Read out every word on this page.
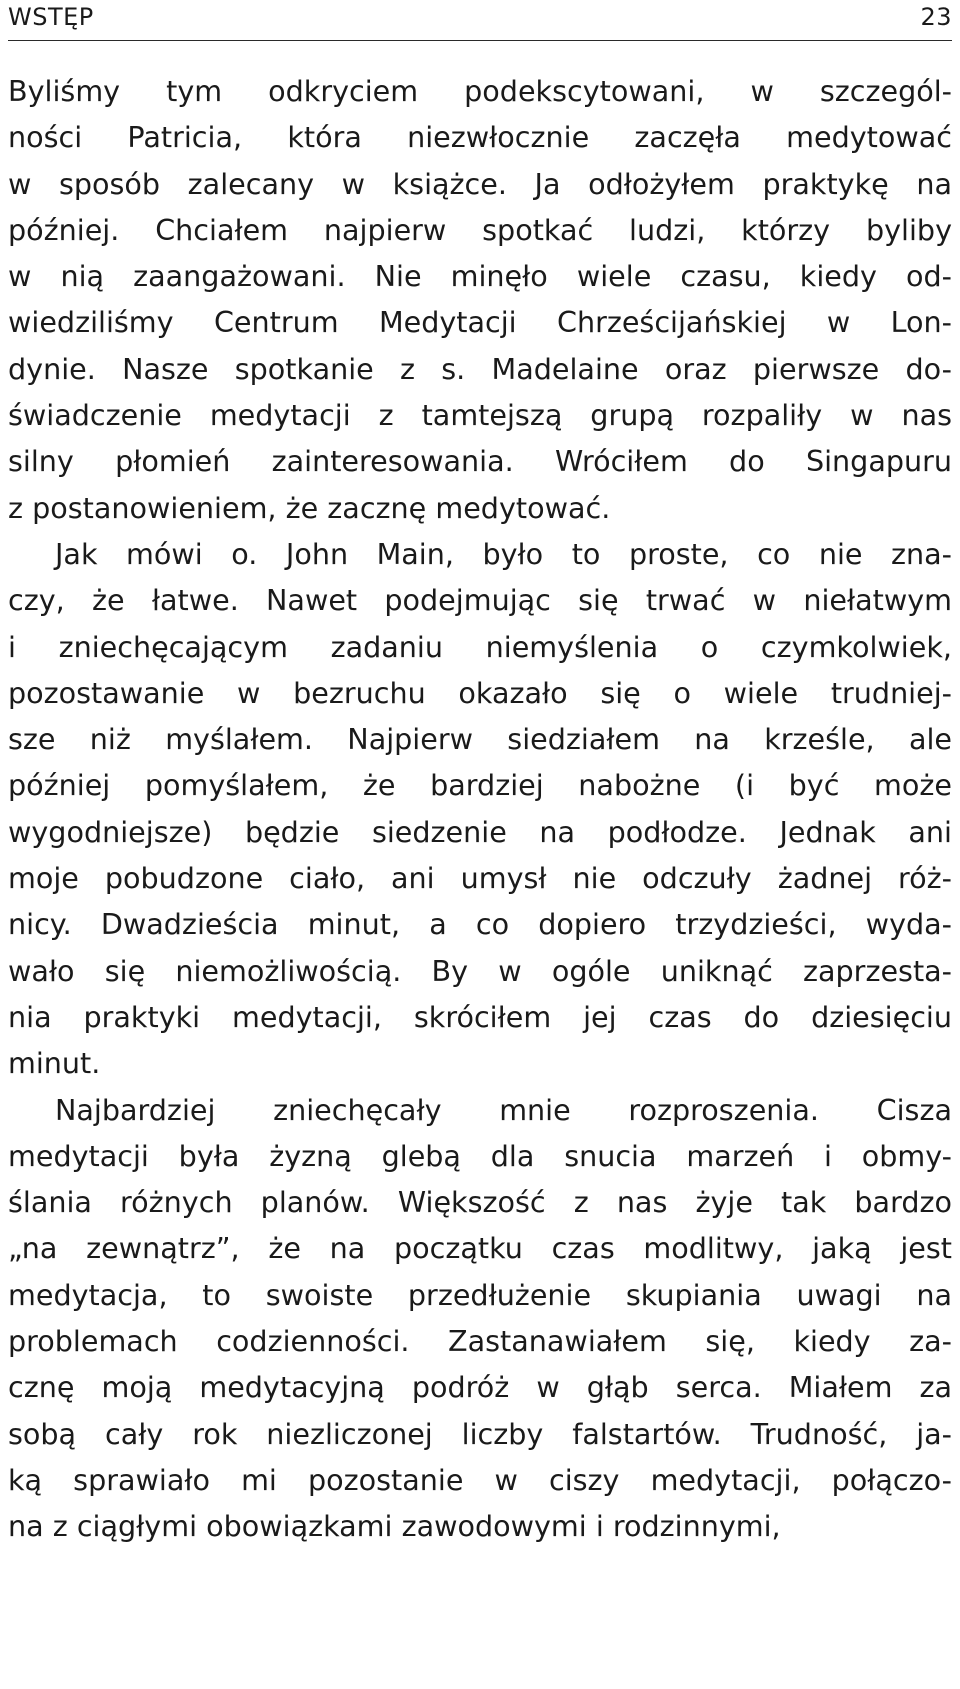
WSTĘP	23
Byliśmy tym odkryciem podekscytowani, w szczegól-
ności Patricia, która niezwłocznie zaczęła medytować
w sposób zalecany w książce. Ja odłożyłem praktykę na
później. Chciałem najpierw spotkać ludzi, którzy byliby
w nią zaangażowani. Nie minęło wiele czasu, kiedy od-
wiedziliśmy Centrum Medytacji Chrześcijańskiej w Lon-
dynie. Nasze spotkanie z s. Madelaine oraz pierwsze do-
świadczenie medytacji z tamtejszą grupą rozpaliły w nas
silny płomień zainteresowania. Wróciłem do Singapuru
z postanowieniem, że zacznę medytować.
Jak mówi o. John Main, było to proste, co nie zna-
czy, że łatwe. Nawet podejmując się trwać w niełatwym
i zniechęcającym zadaniu niemyślenia o czymkolwiek,
pozostawanie w bezruchu okazało się o wiele trudniej-
sze niż myślałem. Najpierw siedziałem na krześle, ale
później pomyślałem, że bardziej nabożne (i być może
wygodniejsze) będzie siedzenie na podłodze. Jednak ani
moje pobudzone ciało, ani umysł nie odczuły żadnej róż-
nicy. Dwadzieścia minut, a co dopiero trzydzieści, wyda-
wało się niemożliwością. By w ogóle uniknąć zaprzesta-
nia praktyki medytacji, skróciłem jej czas do dziesięciu
minut.
Najbardziej zniechęcały mnie rozproszenia. Cisza
medytacji była żyzną glebą dla snucia marzeń i obmy-
ślania różnych planów. Większość z nas żyje tak bardzo
„na zewnątrz”, że na początku czas modlitwy, jaką jest
medytacja, to swoiste przedłużenie skupiania uwagi na
problemach codzienności. Zastanawiałem się, kiedy za-
cznę moją medytacyjną podróż w głąb serca. Miałem za
sobą cały rok niezliczonej liczby falstartów. Trudność, ja-
ką sprawiało mi pozostanie w ciszy medytacji, połączo-
na z ciągłymi obowiązkami zawodowymi i rodzinnymi,
